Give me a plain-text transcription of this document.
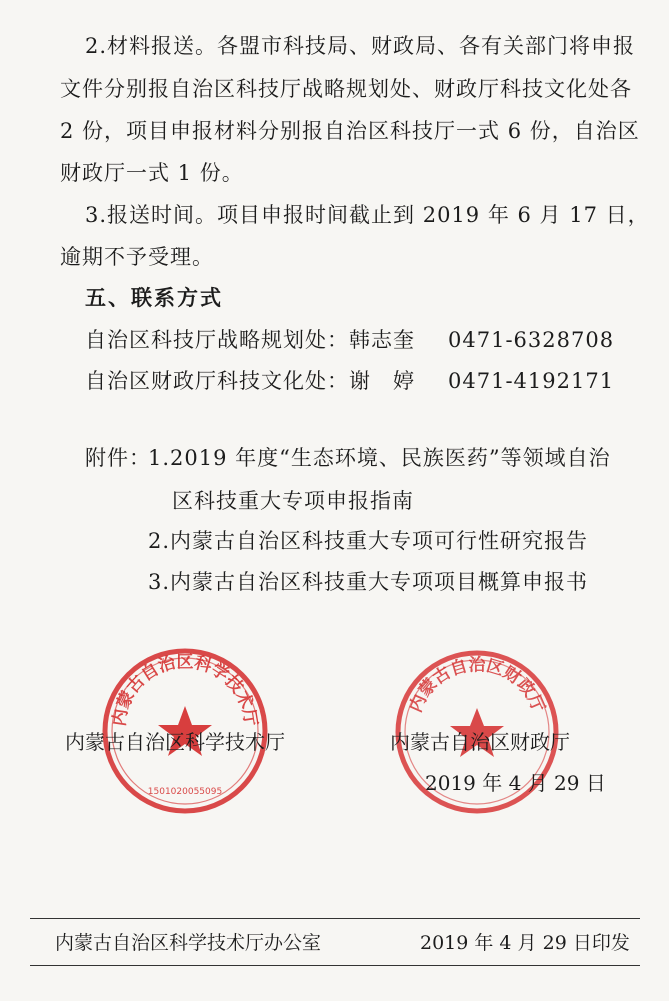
2.材料报送。各盟市科技局、财政局、各有关部门将申报
文件分别报自治区科技厅战略规划处、财政厅科技文化处各
2 份，项目申报材料分别报自治区科技厅一式 6 份，自治区
财政厅一式 1 份。
3.报送时间。项目申报时间截止到 2019 年 6 月 17 日，
逾期不予受理。
五、联系方式
自治区科技厅战略规划处：韩志奎 0471-6328708
自治区财政厅科技文化处：谢　婷 0471-4192171
附件：
1.2019 年度“生态环境、民族医药”等领域自治
区科技重大专项申报指南
2.内蒙古自治区科技重大专项可行性研究报告
3.内蒙古自治区科技重大专项项目概算申报书
内蒙古自治区科学技术厅
1501020055095
内蒙古自治区财政厅
内蒙古自治区科学技术厅	内蒙古自治区财政厅
2019 年 4 月 29 日
内蒙古自治区科学技术厅办公室	2019 年 4 月 29 日印发
